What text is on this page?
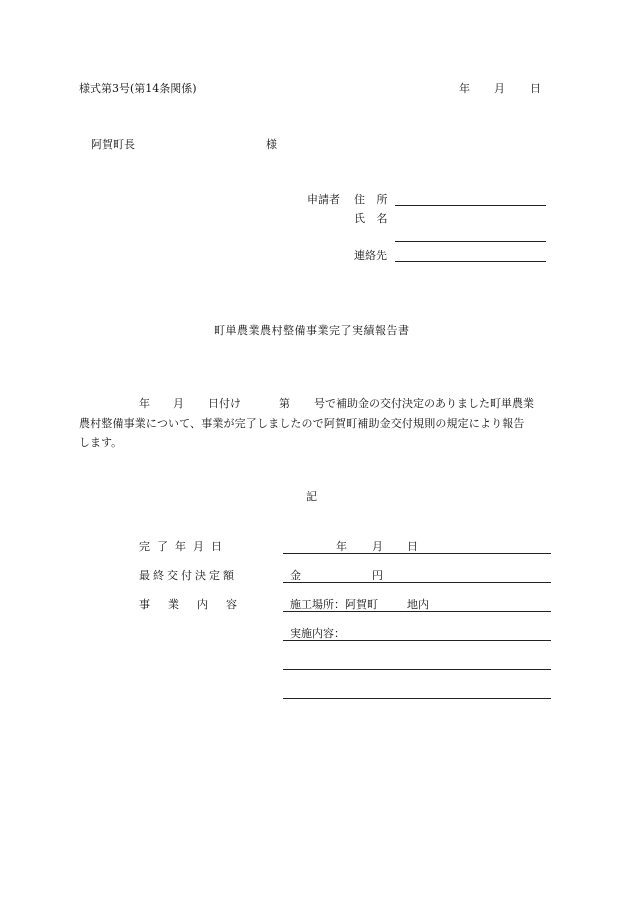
様式第3号(第14条関係)	年 月 日
阿賀町長	様
申請者 住 所
氏 名
連絡先
町単農業農村整備事業完了実績報告書
年 月 日付け	第 号で補助金の交付決定のありました町単農業
農村整備事業について、事業が完了しましたので阿賀町補助金交付規則の規定により報告
します。
記
完了年月日	年 月 日
最終交付決定額	金	円
事業内容	施工場所：阿賀町	地内
実施内容：
